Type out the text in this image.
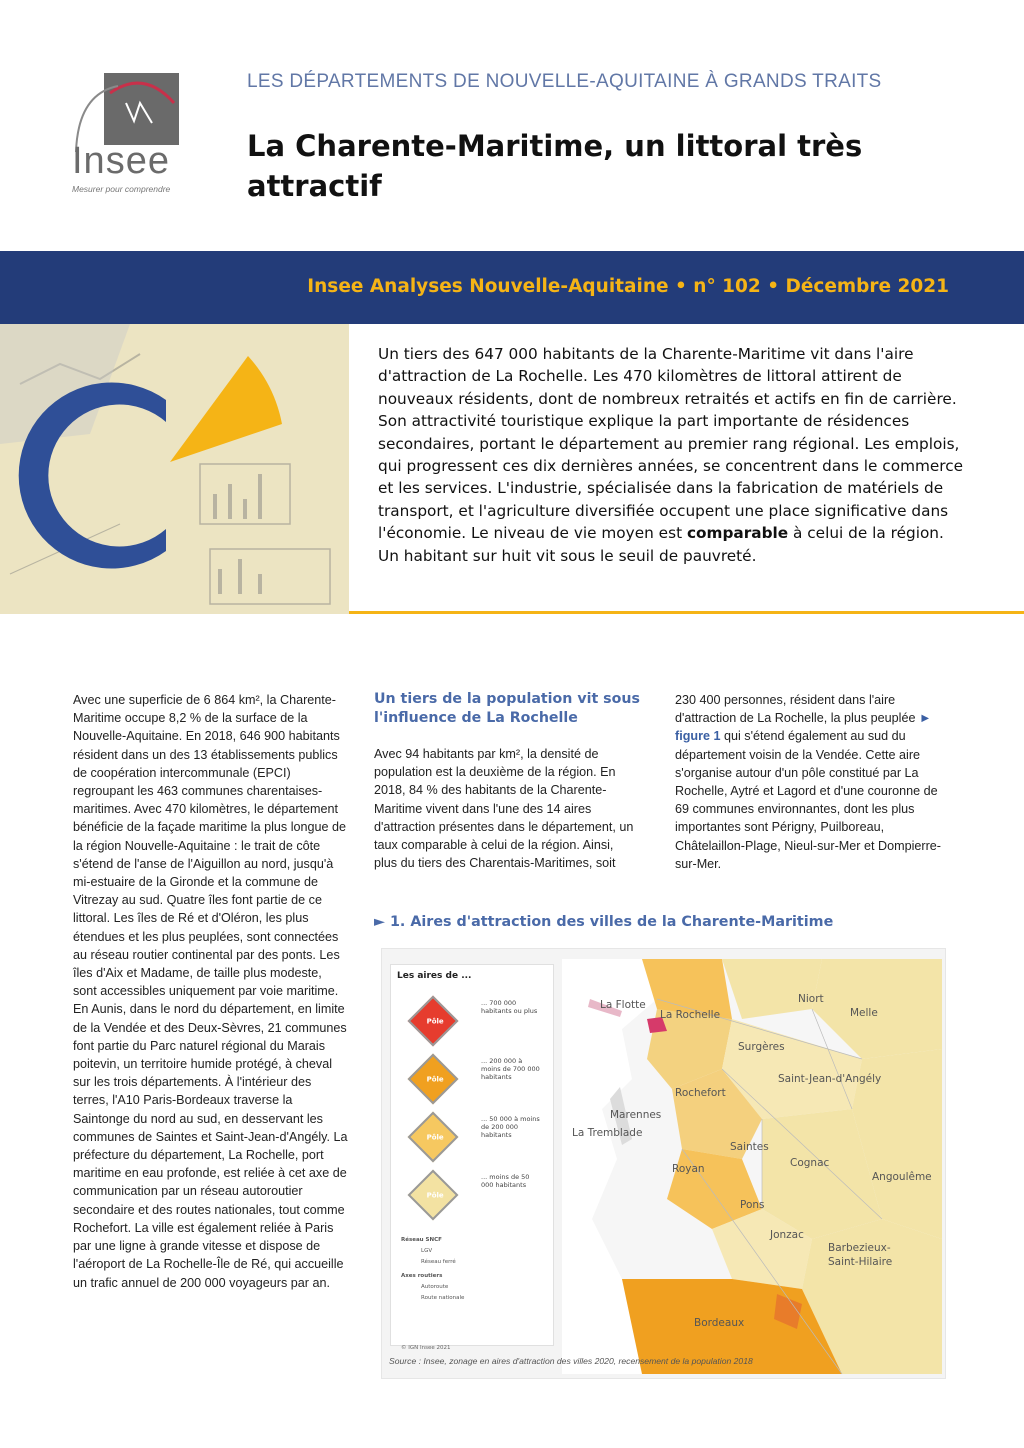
Insee
Mesurer pour comprendre
LES DÉPARTEMENTS DE NOUVELLE-AQUITAINE À GRANDS TRAITS
La Charente-Maritime, un littoral très attractif
Insee Analyses Nouvelle-Aquitaine • n° 102 • Décembre 2021
Un tiers des 647 000 habitants de la Charente-Maritime vit dans l'aire d'attraction de La Rochelle. Les 470 kilomètres de littoral attirent de nouveaux résidents, dont de nombreux retraités et actifs en fin de carrière. Son attractivité touristique explique la part importante de résidences secondaires, portant le département au premier rang régional. Les emplois, qui progressent ces dix dernières années, se concentrent dans le commerce et les services. L'industrie, spécialisée dans la fabrication de matériels de transport, et l'agriculture diversifiée occupent une place significative dans l'économie. Le niveau de vie moyen est comparable à celui de la région. Un habitant sur huit vit sous le seuil de pauvreté.

Avec une superficie de 6 864 km², la Charente-Maritime occupe 8,2 % de la surface de la Nouvelle-Aquitaine. En 2018, 646 900 habitants résident dans un des 13 établissements publics de coopération intercommunale (EPCI) regroupant les 463 communes charentaises-maritimes. Avec 470 kilomètres, le département bénéficie de la façade maritime la plus longue de la région Nouvelle-Aquitaine : le trait de côte s'étend de l'anse de l'Aiguillon au nord, jusqu'à mi-estuaire de la Gironde et la commune de Vitrezay au sud. Quatre îles font partie de ce littoral. Les îles de Ré et d'Oléron, les plus étendues et les plus peuplées, sont connectées au réseau routier continental par des ponts. Les îles d'Aix et Madame, de taille plus modeste, sont accessibles uniquement par voie maritime. En Aunis, dans le nord du département, en limite de la Vendée et des Deux-Sèvres, 21 communes font partie du Parc naturel régional du Marais poitevin, un territoire humide protégé, à cheval sur les trois départements. À l'intérieur des terres, l'A10 Paris-Bordeaux traverse la Saintonge du nord au sud, en desservant les communes de Saintes et Saint-Jean-d'Angély. La préfecture du département, La Rochelle, port maritime en eau profonde, est reliée à cet axe de communication par un réseau autoroutier secondaire et des routes nationales, tout comme Rochefort. La ville est également reliée à Paris par une ligne à grande vitesse et dispose de l'aéroport de La Rochelle-Île de Ré, qui accueille un trafic annuel de 200 000 voyageurs par an.

Un tiers de la population vit sous l'influence de La Rochelle

Avec 94 habitants par km², la densité de population est la deuxième de la région. En 2018, 84 % des habitants de la Charente-Maritime vivent dans l'une des 14 aires d'attraction présentes dans le département, un taux comparable à celui de la région. Ainsi, plus du tiers des Charentais-Maritimes, soit

230 400 personnes, résident dans l'aire d'attraction de La Rochelle, la plus peuplée ► figure 1 qui s'étend également au sud du département voisin de la Vendée. Cette aire s'organise autour d'un pôle constitué par La Rochelle, Aytré et Lagord et d'une couronne de 69 communes environnantes, dont les plus importantes sont Périgny, Puilboreau, Châtelaillon-Plage, Nieul-sur-Mer et Dompierre-sur-Mer.

► 1. Aires d'attraction des villes de la Charente-Maritime
Les aires de ...
Pôle
... 700 000 habitants ou plus
Pôle
... 200 000 à moins de 700 000 habitants
Pôle
... 50 000 à moins de 200 000 habitants
Pôle
... moins de 50 000 habitants
Réseau SNCF
LGV
Réseau ferré
Axes routiers
Autoroute
Route nationale
© IGN Insee 2021
La Flotte
La Rochelle
Niort
Melle
Surgères
Saint-Jean-d'Angély
Rochefort
Marennes
La Tremblade
Saintes
Cognac
Royan
Angoulême
Pons
Jonzac
Barbezieux-Saint-Hilaire
Bordeaux
Source : Insee, zonage en aires d'attraction des villes 2020, recensement de la population 2018
